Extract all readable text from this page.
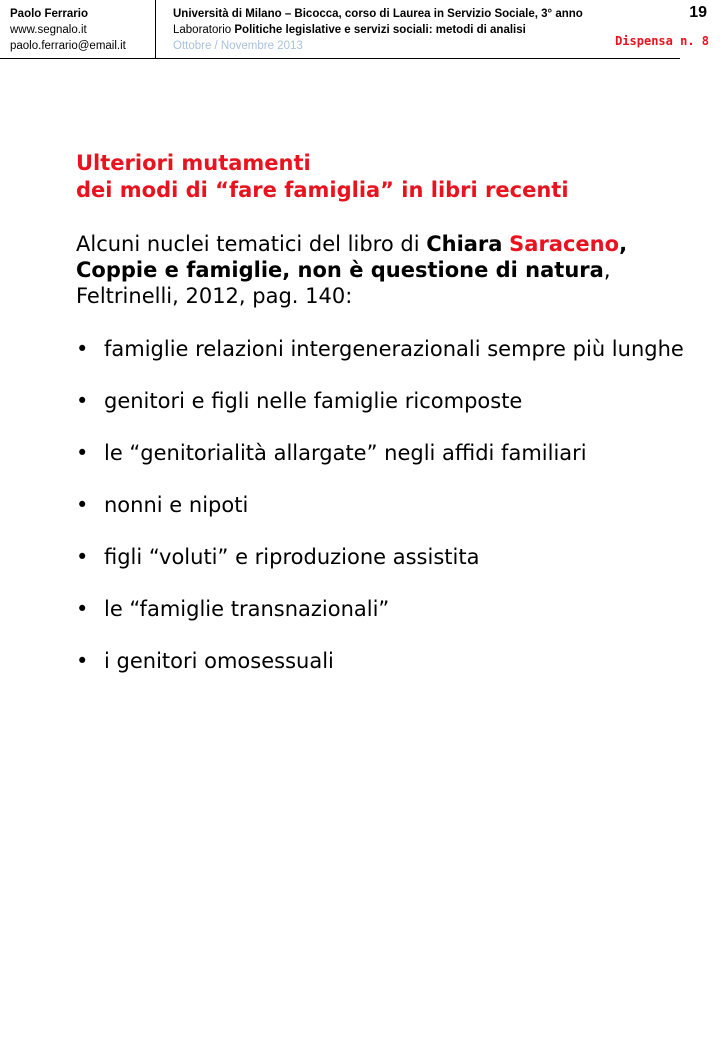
Paolo Ferrario
www.segnalo.it
paolo.ferrario@email.it
Università di Milano – Bicocca, corso di Laurea in Servizio Sociale, 3° anno
Laboratorio Politiche legislative e servizi sociali: metodi di analisi
Ottobre / Novembre 2013
19
Dispensa n. 8

Ulteriori mutamenti
dei modi di “fare famiglia” in libri recenti

Alcuni nuclei tematici del libro di Chiara Saraceno, Coppie e famiglie, non è questione di natura, Feltrinelli, 2012, pag. 140:

• famiglie relazioni intergenerazionali sempre più lunghe
• genitori e figli nelle famiglie ricomposte
• le “genitorialità allargate” negli affidi familiari
• nonni e nipoti
• figli “voluti” e riproduzione assistita
• le “famiglie transnazionali”
• i genitori omosessuali
